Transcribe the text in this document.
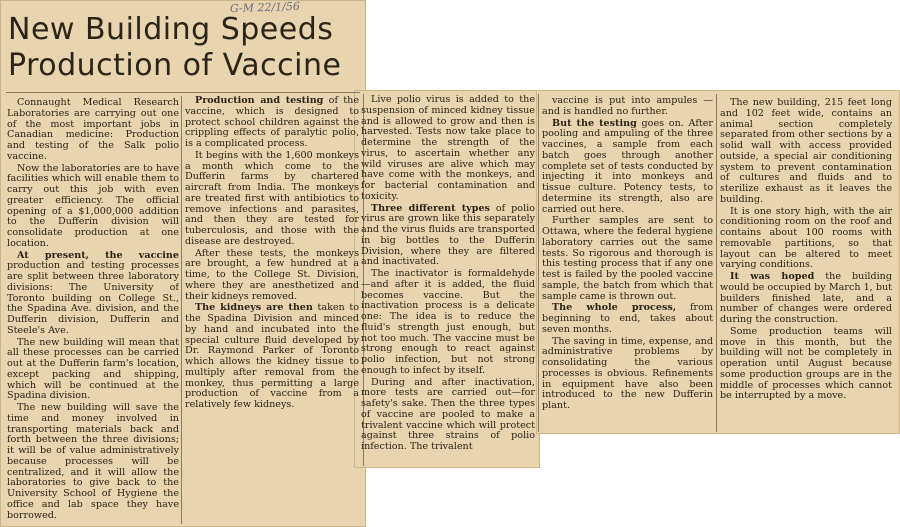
G-M 22/1/56
New Building Speeds
Production of Vaccine

Connaught Medical Research Laboratories are carrying out one of the most important jobs in Canadian medicine: Production and testing of the Salk polio vaccine.

Now the laboratories are to have facilities which will enable them to carry out this job with even greater efficiency. The official opening of a $1,000,000 addition to the Dufferin division will consolidate production at one location.

At present, the vaccine production and testing processes are split between three laboratory divisions: The University of Toronto building on College St., the Spadina Ave. division, and the Dufferin division, Dufferin and Steele's Ave.

The new building will mean that all these processes can be carried out at the Dufferin farm's location, except packing and shipping, which will be continued at the Spadina division.

The new building will save the time and money involved in transporting materials back and forth between the three divisions; it will be of value administratively because processes will be centralized, and it will allow the laboratories to give back to the University School of Hygiene the office and lab space they have borrowed.

Production and testing of the vaccine, which is designed to protect school children against the crippling effects of paralytic polio, is a complicated process.

It begins with the 1,600 monkeys a month which come to the Dufferin farms by chartered aircraft from India. The monkeys are treated first with antibiotics to remove infections and parasites, and then they are tested for tuberculosis, and those with the disease are destroyed.

After these tests, the monkeys are brought, a few hundred at a time, to the College St. Division, where they are anesthetized and their kidneys removed.

The kidneys are then taken to the Spadina Division and minced by hand and incubated into the special culture fluid developed by Dr. Raymond Parker of Toronto which allows the kidney tissue to multiply after removal from the monkey, thus permitting a large production of vaccine from a relatively few kidneys.

Live polio virus is added to the suspension of minced kidney tissue and is allowed to grow and then is harvested. Tests now take place to determine the strength of the virus, to ascertain whether any wild viruses are alive which may have come with the monkeys, and for bacterial contamination and toxicity.

Three different types of polio virus are grown like this separately and the virus fluids are transported in big bottles to the Dufferin Division, where they are filtered and inactivated.

The inactivator is formaldehyde—and after it is added, the fluid becomes vaccine. But the inactivation process is a delicate one: The idea is to reduce the fluid's strength just enough, but not too much. The vaccine must be strong enough to react against polio infection, but not strong enough to infect by itself.

During and after inactivation, more tests are carried out—for safety's sake. Then the three types of vaccine are pooled to make a trivalent vaccine which will protect against three strains of polio infection. The trivalent

vaccine is put into ampules — and is handled no further.

But the testing goes on. After pooling and ampuling of the three vaccines, a sample from each batch goes through another complete set of tests conducted by injecting it into monkeys and tissue culture. Potency tests, to determine its strength, also are carried out here.

Further samples are sent to Ottawa, where the federal hygiene laboratory carries out the same tests. So rigorous and thorough is this testing process that if any one test is failed by the pooled vaccine sample, the batch from which that sample came is thrown out.

The whole process, from beginning to end, takes about seven months.

The saving in time, expense, and administrative problems by consolidating the various processes is obvious. Refinements in equipment have also been introduced to the new Dufferin plant.

The new building, 215 feet long and 102 feet wide, contains an animal section completely separated from other sections by a solid wall with access provided outside, a special air conditioning system to prevent contamination of cultures and fluids and to sterilize exhaust as it leaves the building.

It is one story high, with the air conditioning room on the roof and contains about 100 rooms with removable partitions, so that layout can be altered to meet varying conditions.

It was hoped the building would be occupied by March 1, but builders finished late, and a number of changes were ordered during the construction.

Some production teams will move in this month, but the building will not be completely in operation until August because some production groups are in the middle of processes which cannot be interrupted by a move.
